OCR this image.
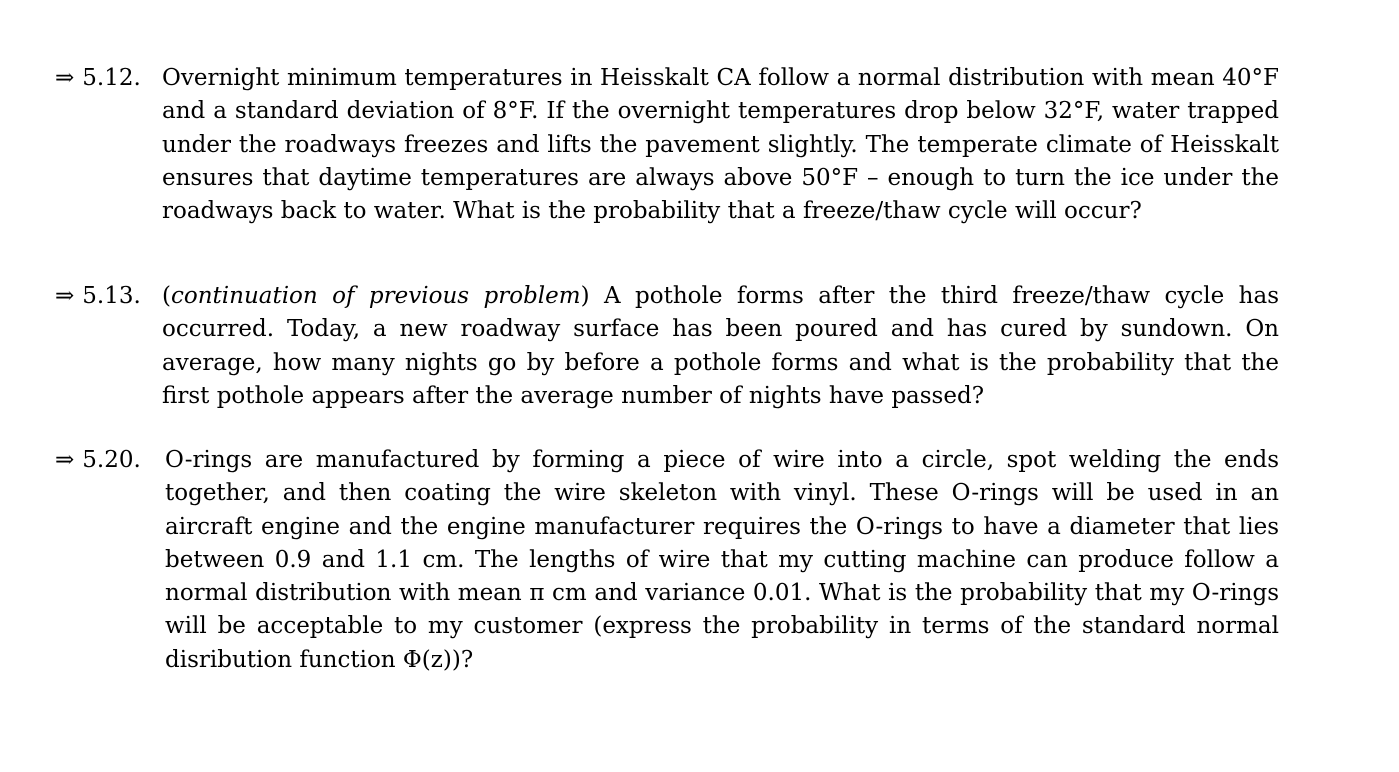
⇒ 5.12. Overnight minimum temperatures in Heisskalt CA follow a normal distribution with mean 40°F and a standard deviation of 8°F. If the overnight temperatures drop below 32°F, water trapped under the roadways freezes and lifts the pavement slightly. The temperate climate of Heisskalt ensures that daytime temperatures are always above 50°F – enough to turn the ice under the roadways back to water. What is the probability that a freeze/thaw cycle will occur?
⇒ 5.13. (continuation of previous problem) A pothole forms after the third freeze/thaw cycle has occurred. Today, a new roadway surface has been poured and has cured by sundown. On average, how many nights go by before a pothole forms and what is the probability that the first pothole appears after the average number of nights have passed?
⇒ 5.20. O-rings are manufactured by forming a piece of wire into a circle, spot welding the ends together, and then coating the wire skeleton with vinyl. These O-rings will be used in an aircraft engine and the engine manufacturer requires the O-rings to have a diameter that lies between 0.9 and 1.1 cm. The lengths of wire that my cutting machine can produce follow a normal distribution with mean π cm and variance 0.01. What is the probability that my O-rings will be acceptable to my customer (express the probability in terms of the standard normal disribution function Φ(z))?
